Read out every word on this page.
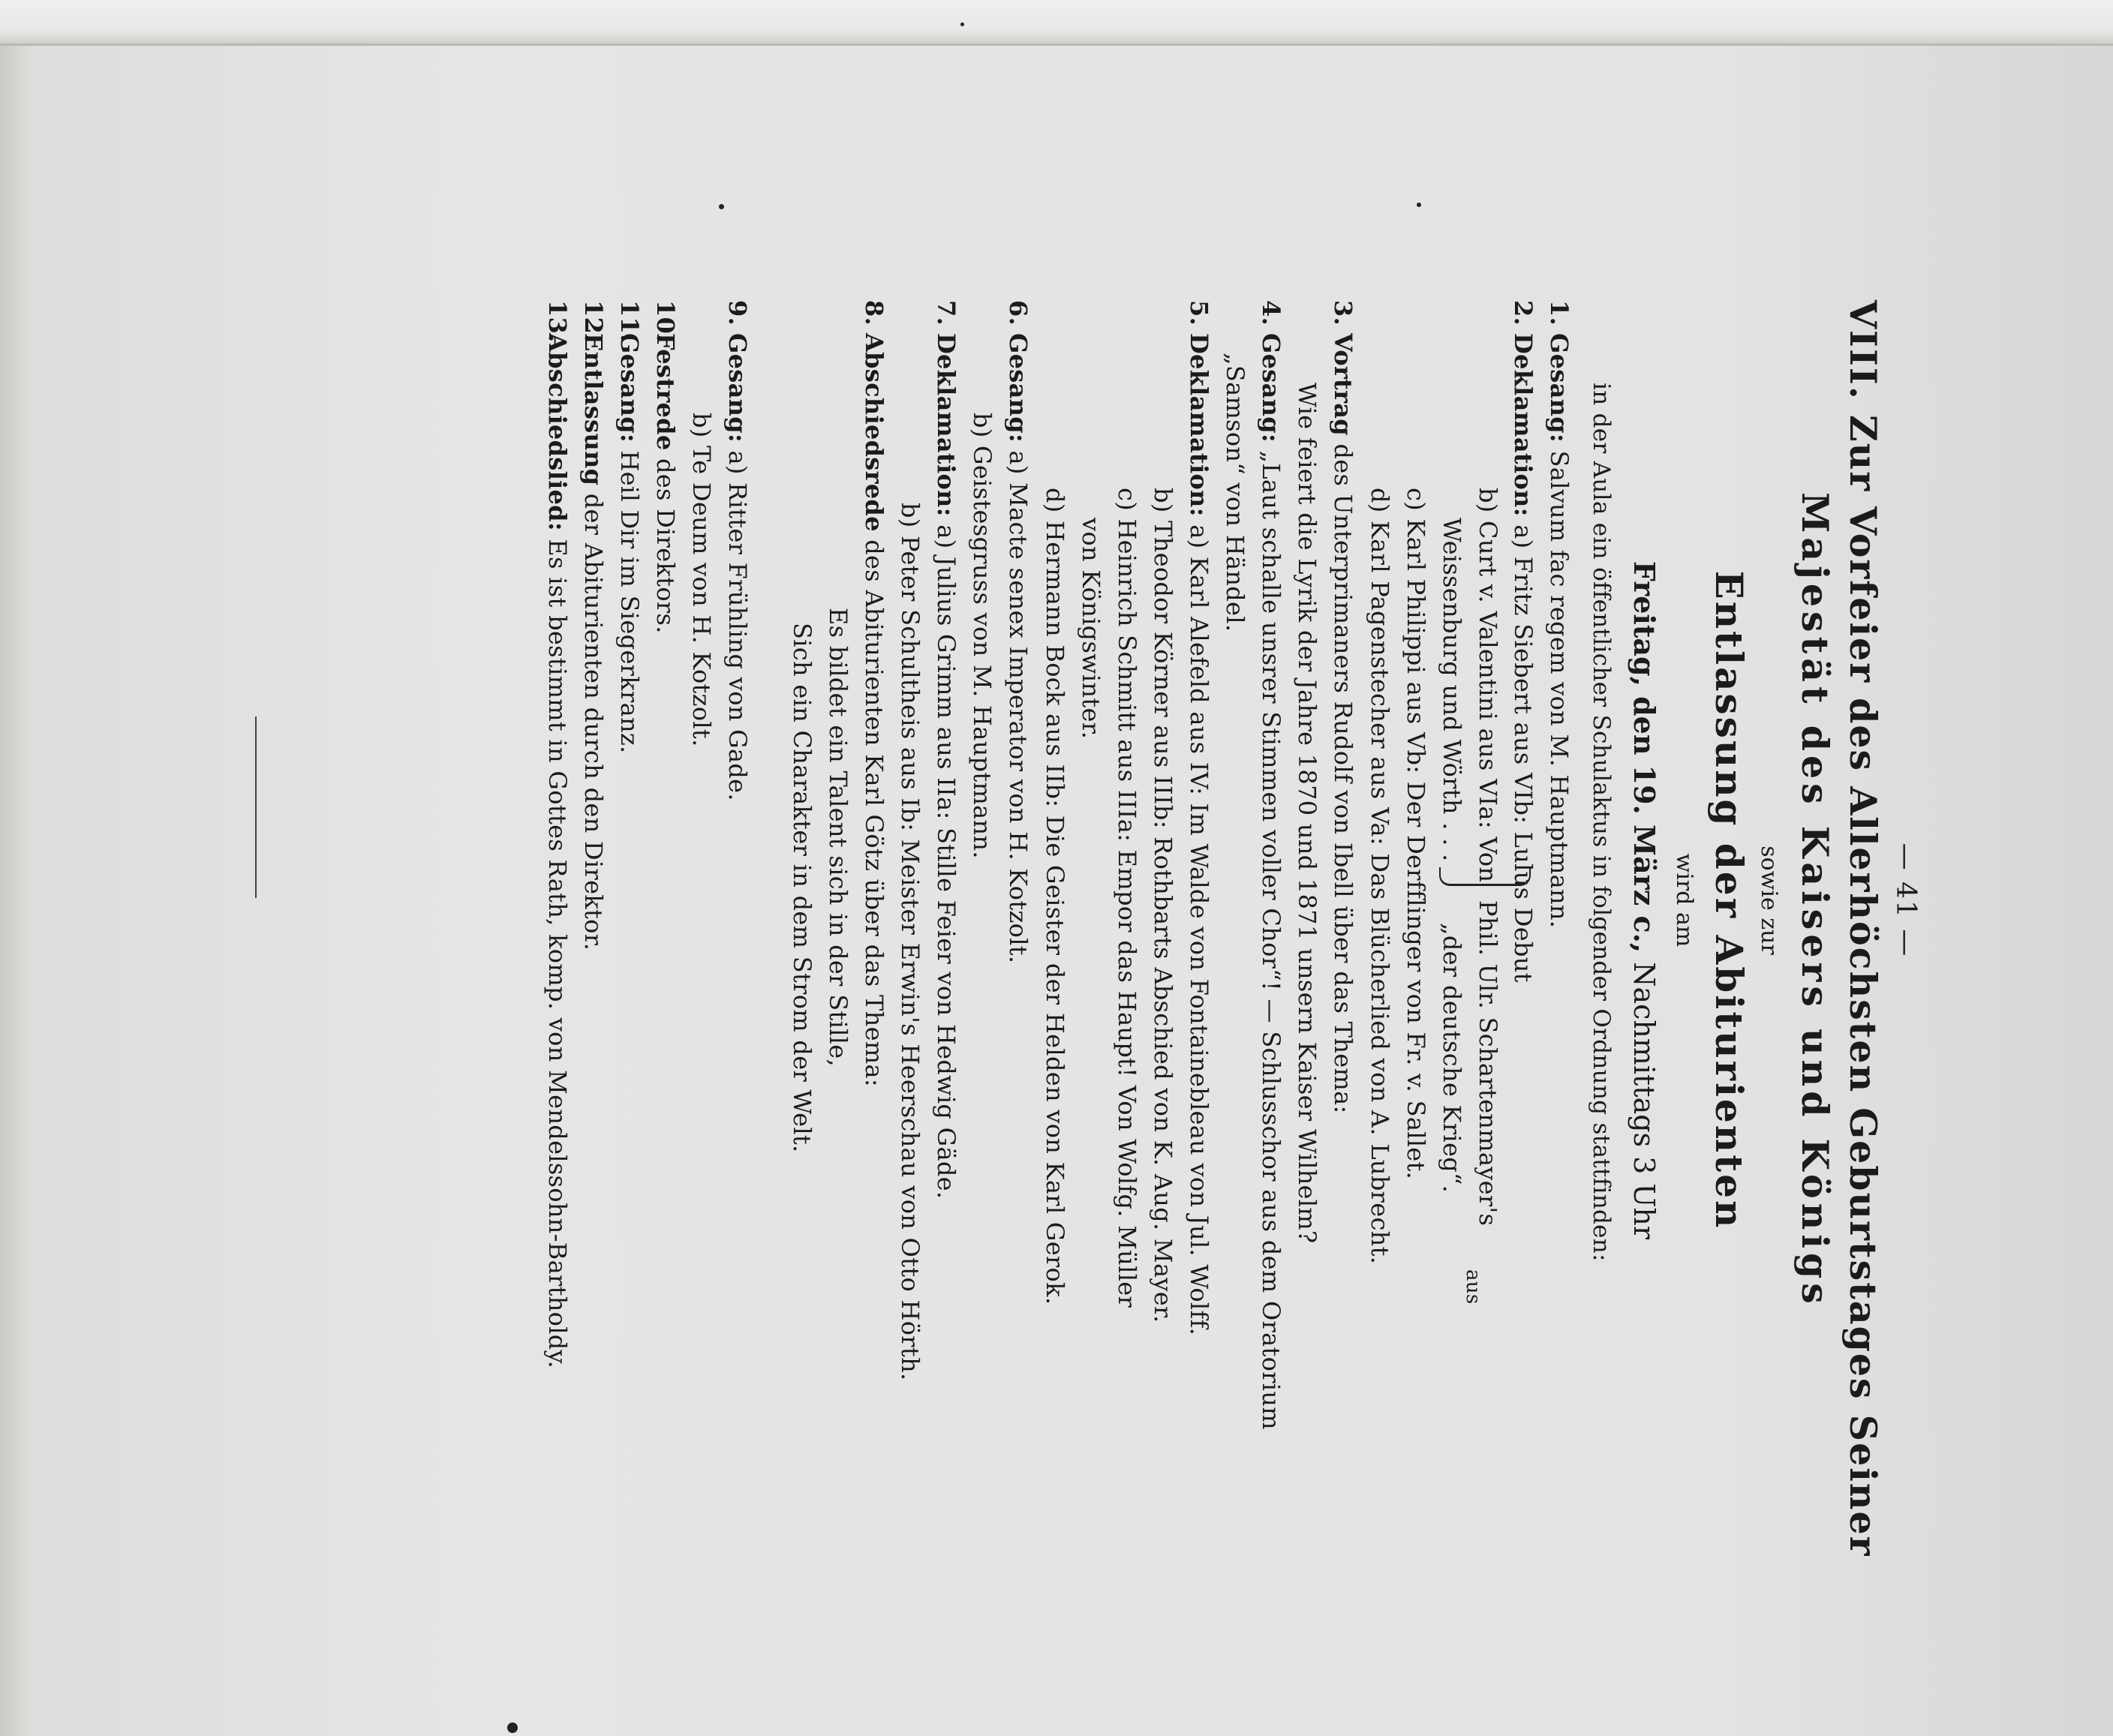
— 41 —
VIII. Zur Vorfeier des Allerhöchsten Geburtstages Seiner
Majestät des Kaisers und Königs
sowie zur
Entlassung der Abiturienten
wird am
Freitag, den 19. März c., Nachmittags 3 Uhr
in der Aula ein öffentlicher Schulaktus in folgender Ordnung stattfinden:
1.
Gesang: Salvum fac regem von M. Hauptmann.
2.
Deklamation: a) Fritz Siebert aus VIb: Lulus Debut
b) Curt v. Valentini aus VIa: Von
Weissenburg und Wörth . . .
Phil. Ulr. Schartenmayer's
aus
„der deutsche Krieg“.
c) Karl Philippi aus Vb: Der Derfflinger von Fr. v. Sallet.
d) Karl Pagenstecher aus Va: Das Blücherlied von A. Lubrecht.
3.
Vortrag des Unterprimaners Rudolf von Ibell über das Thema:
Wie feiert die Lyrik der Jahre 1870 und 1871 unsern Kaiser Wilhelm?
4.
Gesang: „Laut schalle unsrer Stimmen voller Chor“! — Schlusschor aus dem Oratorium
„Samson“ von Händel.
5.
Deklamation: a) Karl Alefeld aus IV: Im Walde von Fontainebleau von Jul. Wolff.
b) Theodor Körner aus IIIb: Rothbarts Abschied von K. Aug. Mayer.
c) Heinrich Schmitt aus IIIa: Empor das Haupt! Von Wolfg. Müller
von Königswinter.
d) Hermann Bock aus IIb: Die Geister der Helden von Karl Gerok.
6.
Gesang: a) Macte senex Imperator von H. Kotzolt.
b) Geistesgruss von M. Hauptmann.
7.
Deklamation: a) Julius Grimm aus IIa: Stille Feier von Hedwig Gäde.
b) Peter Schultheis aus Ib: Meister Erwin's Heerschau von Otto Hörth.
8.
Abschiedsrede des Abiturienten Karl Götz über das Thema:
Es bildet ein Talent sich in der Stille,
Sich ein Charakter in dem Strom der Welt.
9.
Gesang: a) Ritter Frühling von Gade.
b) Te Deum von H. Kotzolt.
10.
Festrede des Direktors.
11.
Gesang: Heil Dir im Siegerkranz.
12.
Entlassung der Abiturienten durch den Direktor.
13.
Abschiedslied: Es ist bestimmt in Gottes Rath, komp. von Mendelssohn-Bartholdy.
